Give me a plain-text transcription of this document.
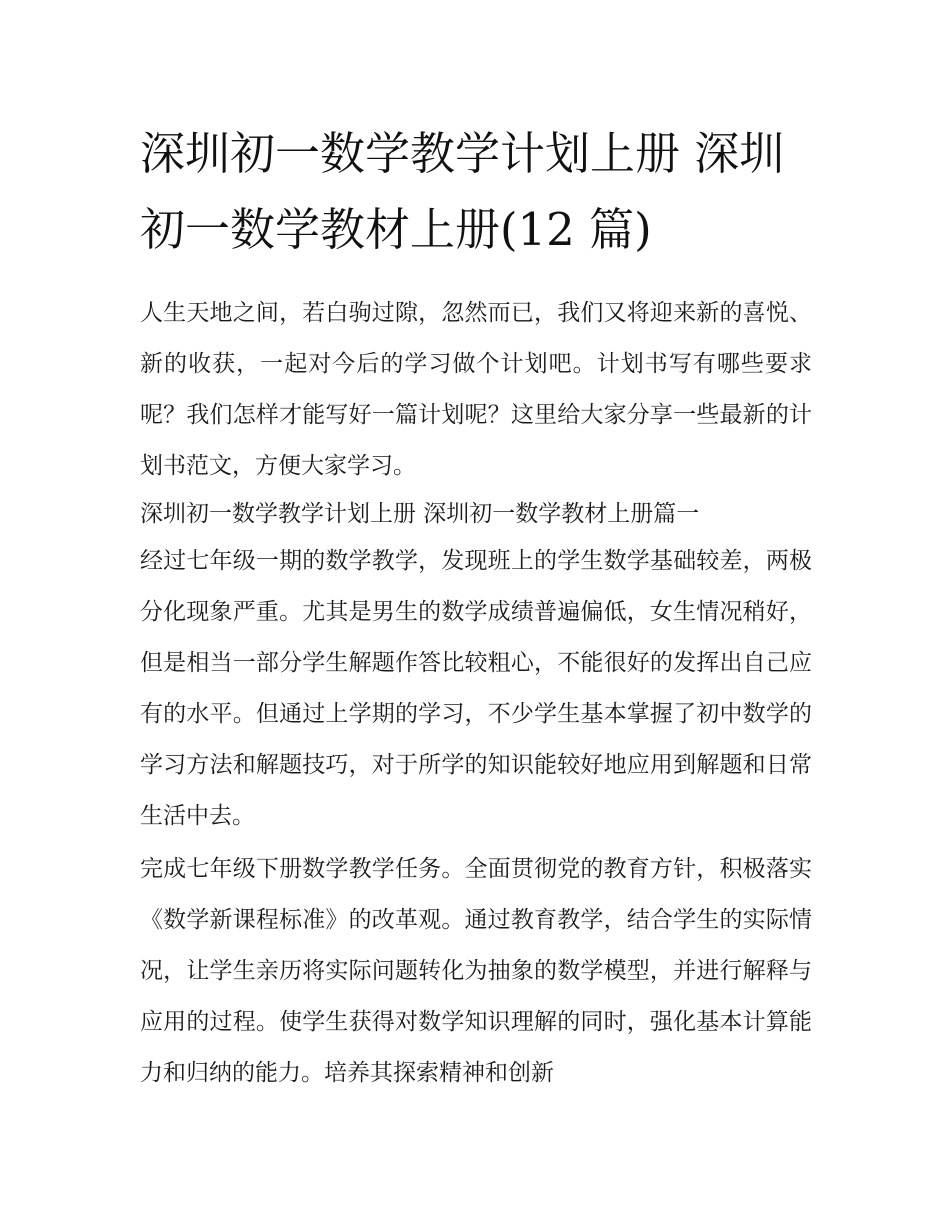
深圳初一数学教学计划上册 深圳初一数学教材上册(12 篇)

人生天地之间，若白驹过隙，忽然而已，我们又将迎来新的喜悦、新的收获，一起对今后的学习做个计划吧。计划书写有哪些要求呢？我们怎样才能写好一篇计划呢？这里给大家分享一些最新的计划书范文，方便大家学习。

深圳初一数学教学计划上册 深圳初一数学教材上册篇一

经过七年级一期的数学教学，发现班上的学生数学基础较差，两极分化现象严重。尤其是男生的数学成绩普遍偏低，女生情况稍好，但是相当一部分学生解题作答比较粗心，不能很好的发挥出自己应有的水平。但通过上学期的学习，不少学生基本掌握了初中数学的学习方法和解题技巧，对于所学的知识能较好地应用到解题和日常生活中去。

完成七年级下册数学教学任务。全面贯彻党的教育方针，积极落实《数学新课程标准》的改革观。通过教育教学，结合学生的实际情况，让学生亲历将实际问题转化为抽象的数学模型，并进行解释与应用的过程。使学生获得对数学知识理解的同时，强化基本计算能力和归纳的能力。培养其探索精神和创新
